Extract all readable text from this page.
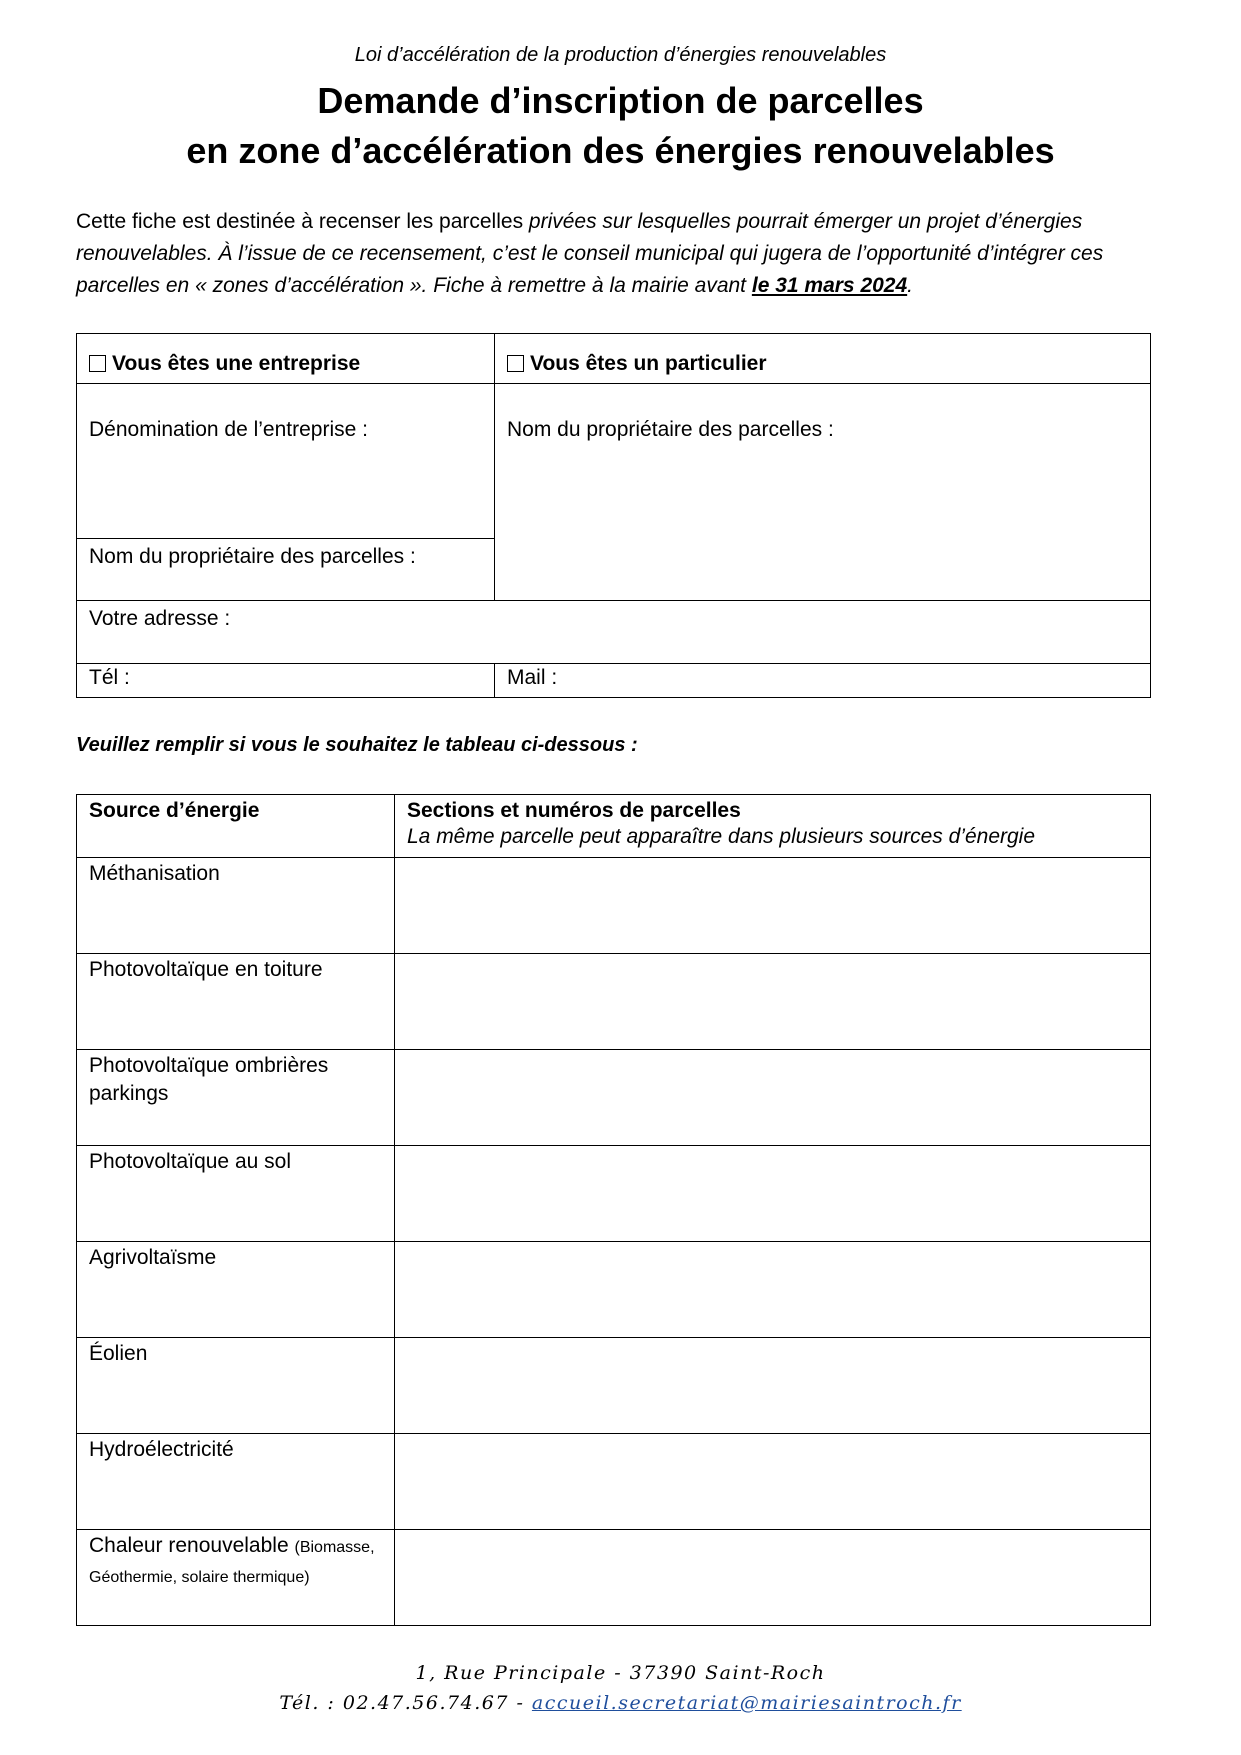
Loi d’accélération de la production d’énergies renouvelables
Demande d’inscription de parcelles
en zone d’accélération des énergies renouvelables
Cette fiche est destinée à recenser les parcelles privées sur lesquelles pourrait émerger un projet d’énergies renouvelables. À l’issue de ce recensement, c’est le conseil municipal qui jugera de l’opportunité d’intégrer ces parcelles en « zones d’accélération ». Fiche à remettre à la mairie avant le 31 mars 2024.
Vous êtes une entreprise	Vous êtes un particulier
Dénomination de l’entreprise :	Nom du propriétaire des parcelles :
Nom du propriétaire des parcelles :	
Votre adresse :	
Tél :	Mail :
Veuillez remplir si vous le souhaitez le tableau ci-dessous :
Source d’énergie	Sections et numéros de parcelles
La même parcelle peut apparaître dans plusieurs sources d’énergie

Méthanisation	
Photovoltaïque en toiture	
Photovoltaïque ombrières parkings	
Photovoltaïque au sol	
Agrivoltaïsme	
Éolien	
Hydroélectricité	
Chaleur renouvelable (Biomasse, Géothermie, solaire thermique)	
1, Rue Principale - 37390 Saint-Roch
Tél. : 02.47.56.74.67 - accueil.secretariat@mairiesaintroch.fr
